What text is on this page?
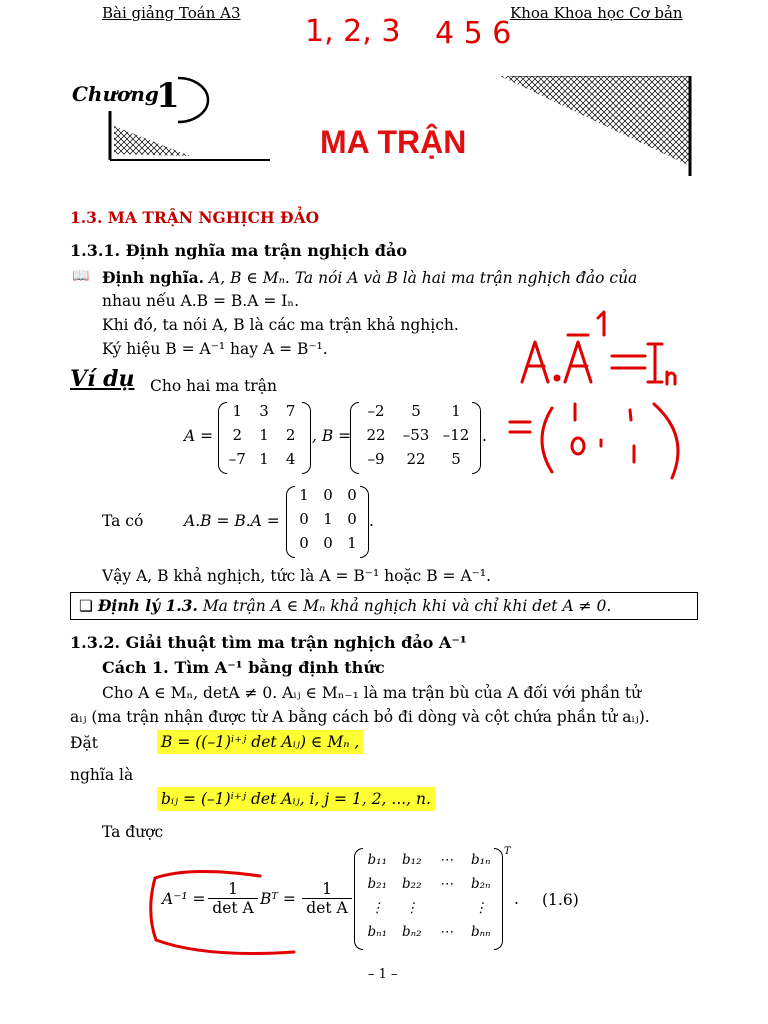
Bài giảng Toán A3	Khoa Khoa học Cơ bản
1, 2, 3 4 5 6
Chương
1
MA TRẬN
1.3. MA TRẬN NGHỊCH ĐẢO
1.3.1. Định nghĩa ma trận nghịch đảo
📖 Định nghĩa. A, B ∈ Mₙ. Ta nói A và B là hai ma trận nghịch đảo của
nhau nếu A.B = B.A = Iₙ.
Khi đó, ta nói A, B là các ma trận khả nghịch.
Ký hiệu B = A⁻¹ hay A = B⁻¹.
Ví dụ Cho hai ma trận
A =
1	3	7
2	1	2
–7 1	4
, B =
–2	5	1
22	–53 –12
–9	22	5
.
Ta có	A.B = B.A =
1 0 0
0 1 0
0 0 1
.
Vậy A, B khả nghịch, tức là A = B⁻¹ hoặc B = A⁻¹.
❏ Định lý 1.3. Ma trận A ∈ Mₙ khả nghịch khi và chỉ khi det A ≠ 0.
1.3.2. Giải thuật tìm ma trận nghịch đảo A⁻¹
Cách 1. Tìm A⁻¹ bằng định thức
Cho A ∈ Mₙ, detA ≠ 0. Aᵢⱼ ∈ Mₙ₋₁ là ma trận bù của A đối với phần tử
aᵢⱼ (ma trận nhận được từ A bằng cách bỏ đi dòng và cột chứa phần tử aᵢⱼ).
Đặt	B = ((–1)ⁱ⁺ʲ det Aᵢⱼ) ∈ Mₙ ,
nghĩa là
bᵢⱼ = (–1)ⁱ⁺ʲ det Aᵢⱼ, i, j = 1, 2, ..., n.
Ta được
A⁻¹ =
1
det A Bᵀ =
1
det A
b₁₁	b₁₂	⋯	b₁ₙ
b₂₁	b₂₂	⋯	b₂ₙ
⋮	⋮	⋮
bₙ₁	bₙ₂	⋯	bₙₙ
T
. (1.6)
– 1 –
